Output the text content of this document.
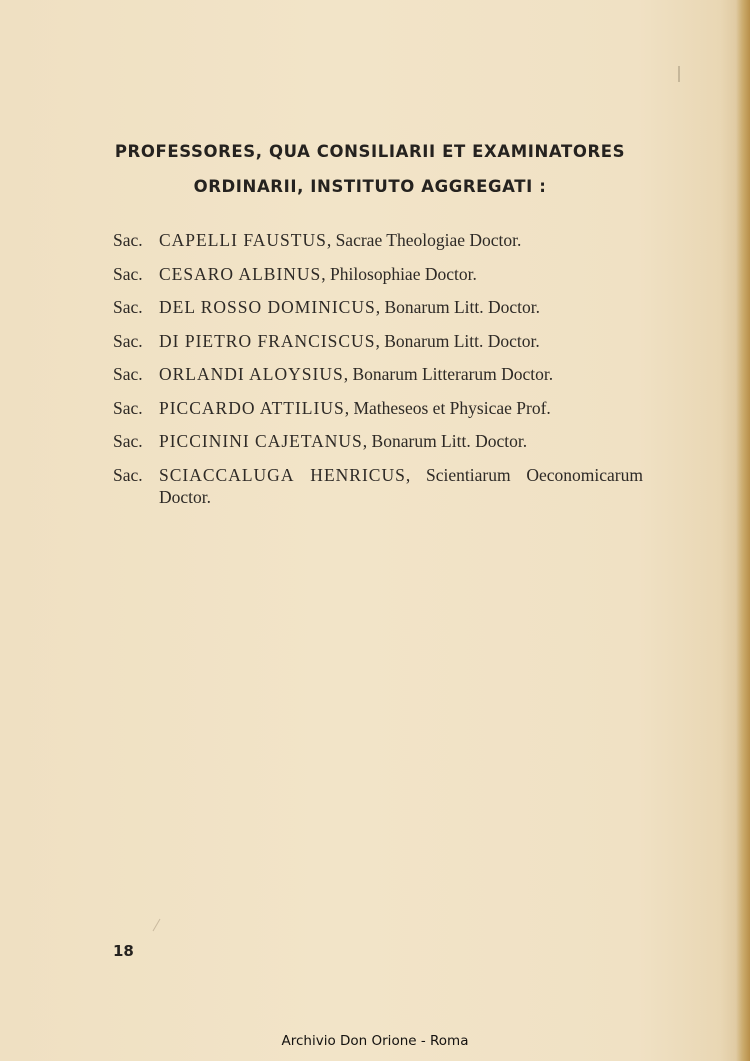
PROFESSORES, QUA CONSILIARII ET EXAMINATORES
ORDINARII, INSTITUTO AGGREGATI :
Sac. CAPELLI FAUSTUS, Sacrae Theologiae Doctor.
Sac. CESARO ALBINUS, Philosophiae Doctor.
Sac. DEL ROSSO DOMINICUS, Bonarum Litt. Doctor.
Sac. DI PIETRO FRANCISCUS, Bonarum Litt. Doctor.
Sac. ORLANDI ALOYSIUS, Bonarum Litterarum Doctor.
Sac. PICCARDO ATTILIUS, Matheseos et Physicae Prof.
Sac. PICCININI CAJETANUS, Bonarum Litt. Doctor.
Sac. SCIACCALUGA HENRICUS, Scientiarum Oeconomicarum Doctor.
18
Archivio Don Orione - Roma
